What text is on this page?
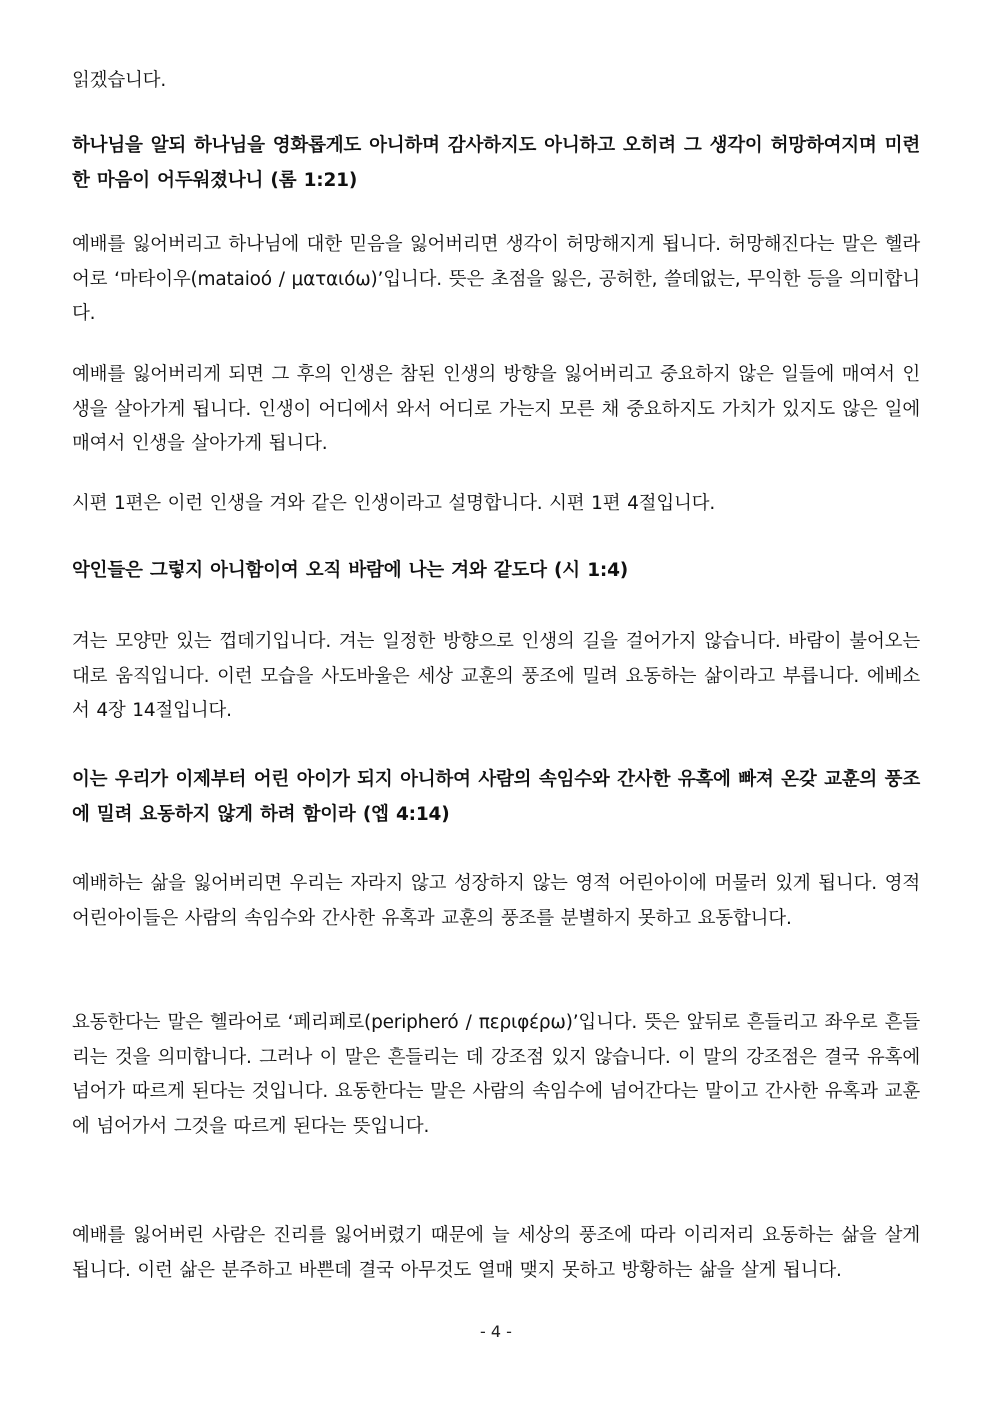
읽겠습니다.

하나님을 알되 하나님을 영화롭게도 아니하며 감사하지도 아니하고 오히려 그 생각이 허망하여지며 미련한 마음이 어두워졌나니 (롬 1:21)

예배를 잃어버리고 하나님에 대한 믿음을 잃어버리면 생각이 허망해지게 됩니다. 허망해진다는 말은 헬라어로 ‘마타이우(mataioó / ματαιόω)’입니다. 뜻은 초점을 잃은, 공허한, 쓸데없는, 무익한 등을 의미합니다.

예배를 잃어버리게 되면 그 후의 인생은 참된 인생의 방향을 잃어버리고 중요하지 않은 일들에 매여서 인생을 살아가게 됩니다. 인생이 어디에서 와서 어디로 가는지 모른 채 중요하지도 가치가 있지도 않은 일에 매여서 인생을 살아가게 됩니다.

시편 1편은 이런 인생을 겨와 같은 인생이라고 설명합니다. 시편 1편 4절입니다.

악인들은 그렇지 아니함이여 오직 바람에 나는 겨와 같도다 (시 1:4)

겨는 모양만 있는 껍데기입니다. 겨는 일정한 방향으로 인생의 길을 걸어가지 않습니다. 바람이 불어오는 대로 움직입니다. 이런 모습을 사도바울은 세상 교훈의 풍조에 밀려 요동하는 삶이라고 부릅니다. 에베소서 4장 14절입니다.

이는 우리가 이제부터 어린 아이가 되지 아니하여 사람의 속임수와 간사한 유혹에 빠져 온갖 교훈의 풍조에 밀려 요동하지 않게 하려 함이라 (엡 4:14)

예배하는 삶을 잃어버리면 우리는 자라지 않고 성장하지 않는 영적 어린아이에 머물러 있게 됩니다. 영적 어린아이들은 사람의 속임수와 간사한 유혹과 교훈의 풍조를 분별하지 못하고 요동합니다.

요동한다는 말은 헬라어로 ‘페리페로(peripheró / περιφέρω)’입니다. 뜻은 앞뒤로 흔들리고 좌우로 흔들리는 것을 의미합니다. 그러나 이 말은 흔들리는 데 강조점 있지 않습니다. 이 말의 강조점은 결국 유혹에 넘어가 따르게 된다는 것입니다. 요동한다는 말은 사람의 속임수에 넘어간다는 말이고 간사한 유혹과 교훈에 넘어가서 그것을 따르게 된다는 뜻입니다.

예배를 잃어버린 사람은 진리를 잃어버렸기 때문에 늘 세상의 풍조에 따라 이리저리 요동하는 삶을 살게 됩니다. 이런 삶은 분주하고 바쁜데 결국 아무것도 열매 맺지 못하고 방황하는 삶을 살게 됩니다.

- 4 -
